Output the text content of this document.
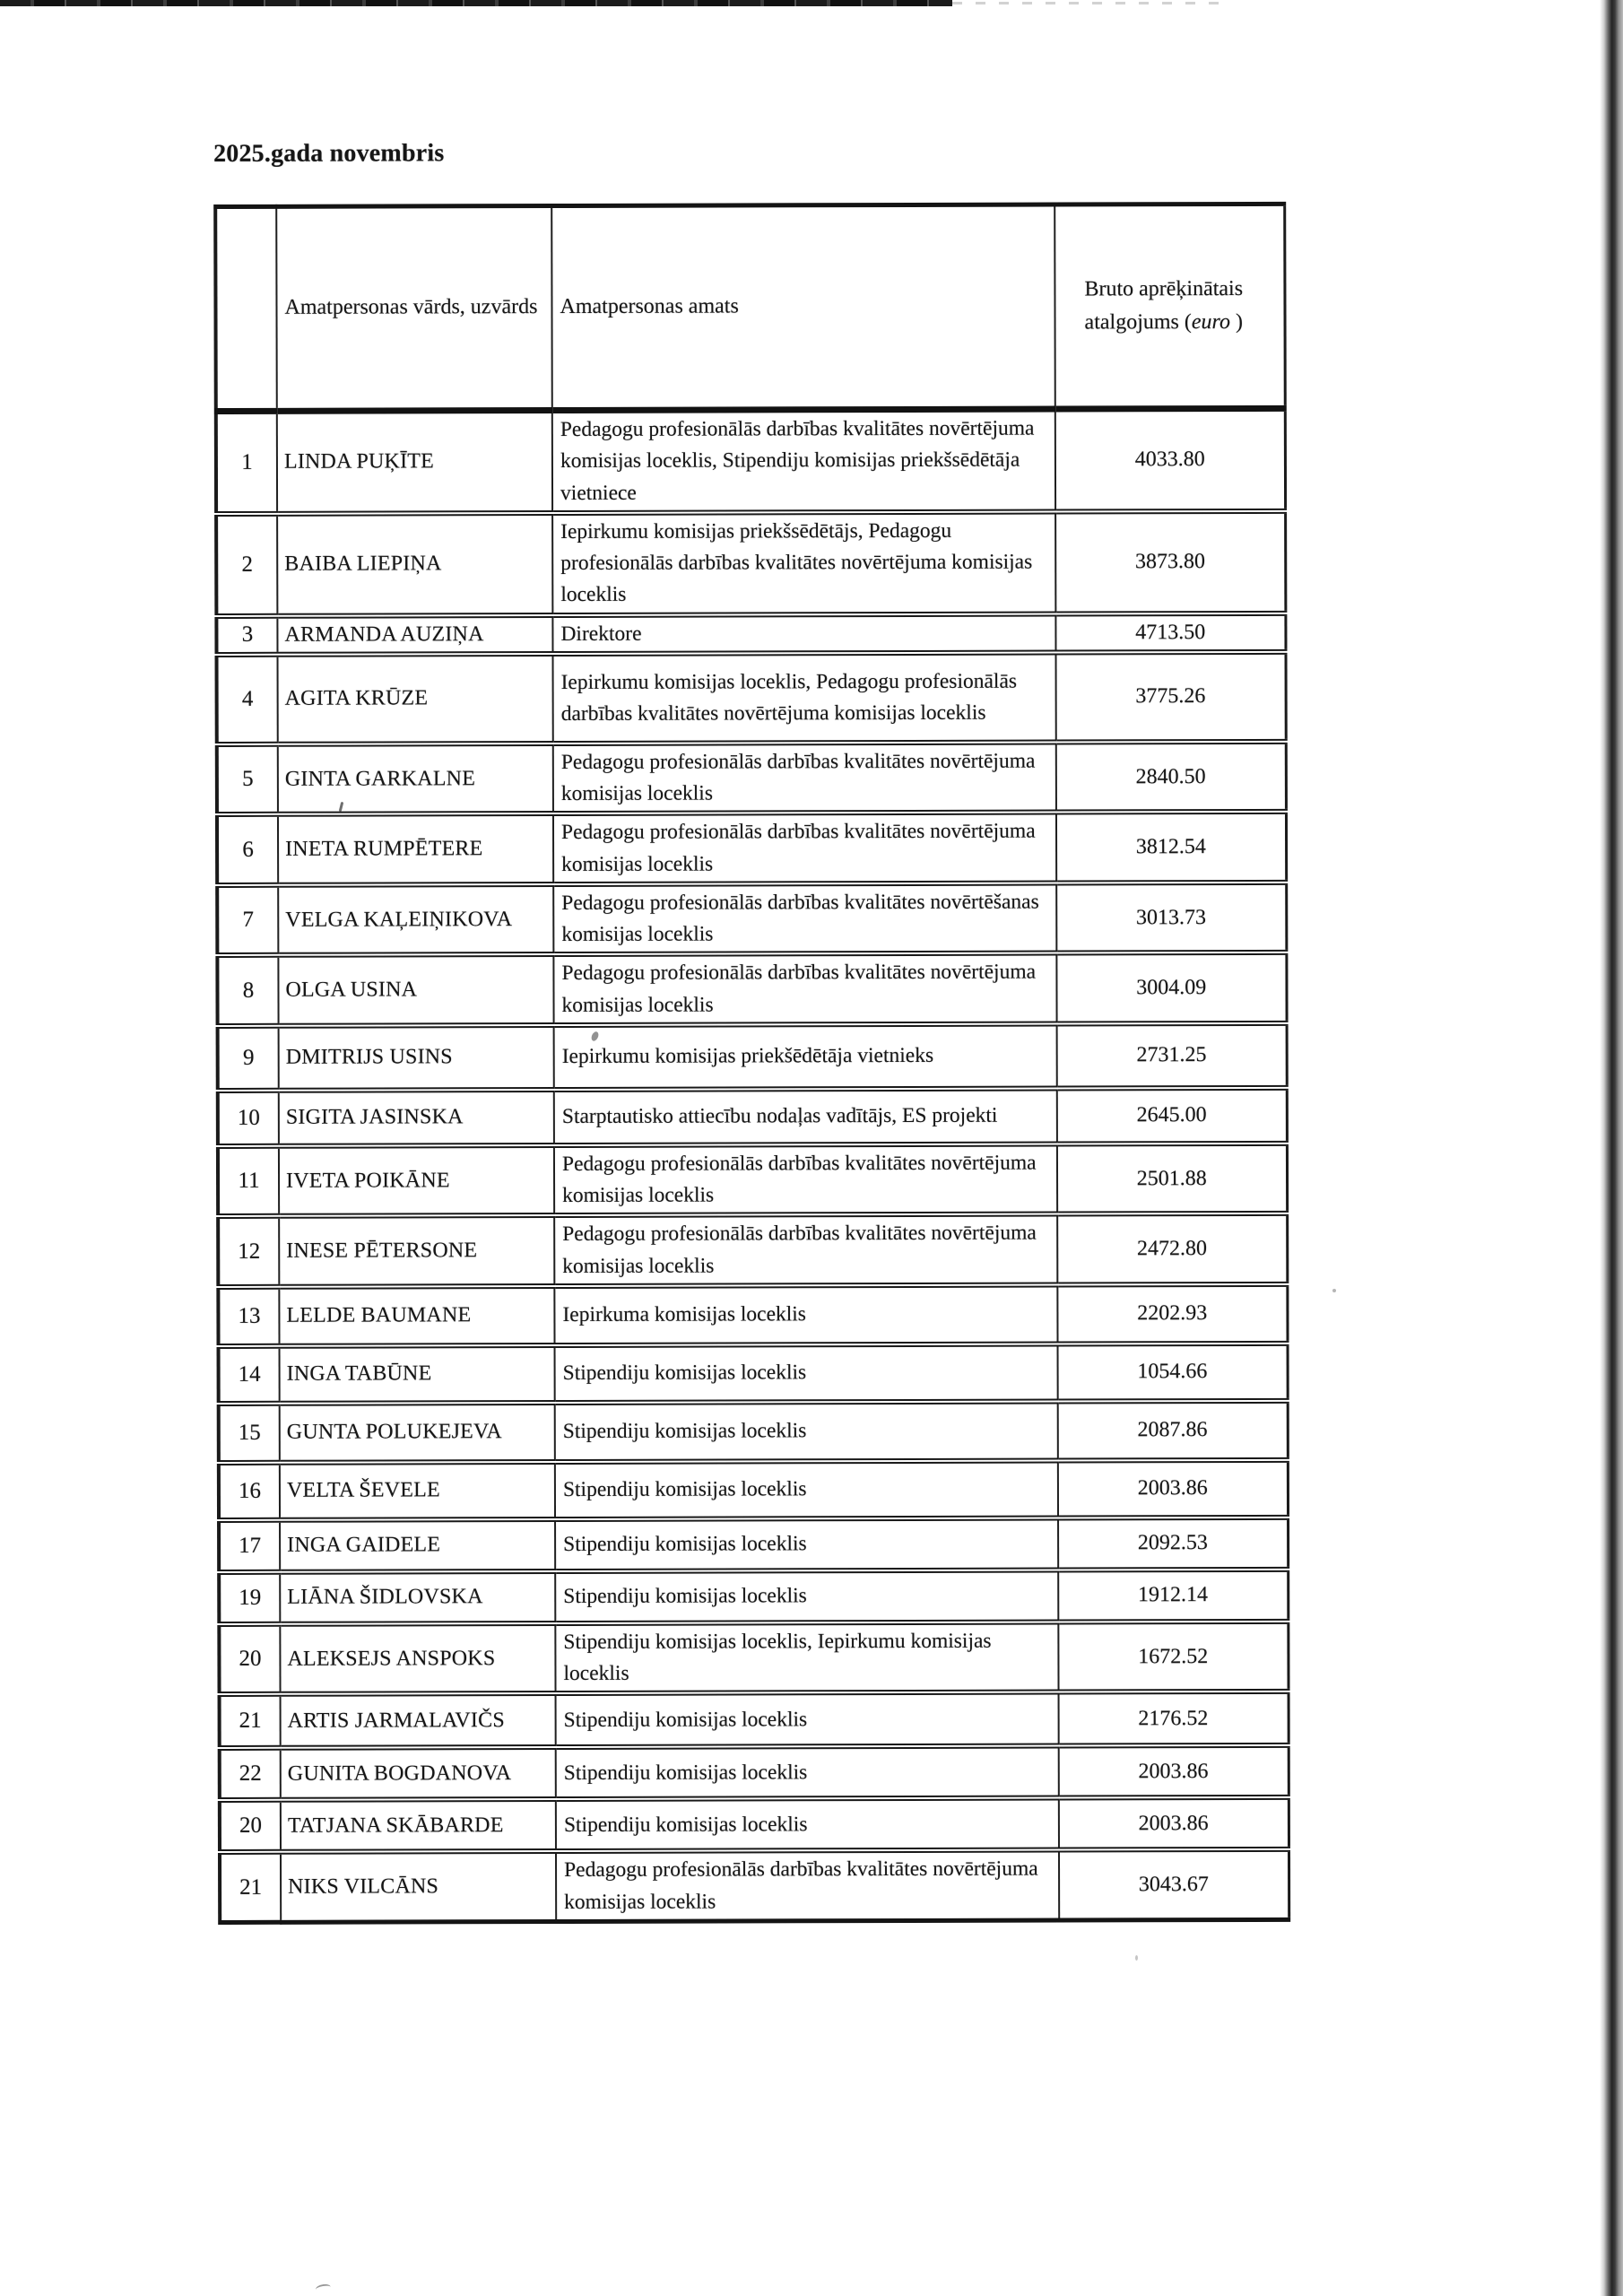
2025.gada novembris
	Amatpersonas vārds, uzvārds	Amatpersonas amats	Bruto aprēķinātais atalgojums (euro )
1	LINDA PUĶĪTE	Pedagogu profesionālās darbības kvalitātes novērtējuma komisijas loceklis, Stipendiju komisijas priekšsēdētāja vietniece	4033.80
2	BAIBA LIEPIŅA	Iepirkumu komisijas priekšsēdētājs, Pedagogu profesionālās darbības kvalitātes novērtējuma komisijas loceklis	3873.80
3	ARMANDA AUZIŅA	Direktore	4713.50
4	AGITA KRŪZE	Iepirkumu komisijas loceklis, Pedagogu profesionālās darbības kvalitātes novērtējuma komisijas loceklis	3775.26
5	GINTA GARKALNE	Pedagogu profesionālās darbības kvalitātes novērtējuma komisijas loceklis	2840.50
6	INETA RUMPĒTERE	Pedagogu profesionālās darbības kvalitātes novērtējuma komisijas loceklis	3812.54
7	VELGA KAĻEIŅIKOVA	Pedagogu profesionālās darbības kvalitātes novērtēšanas komisijas loceklis	3013.73
8	OLGA USINA	Pedagogu profesionālās darbības kvalitātes novērtējuma komisijas loceklis	3004.09
9	DMITRIJS USINS	Iepirkumu komisijas priekšēdētāja vietnieks	2731.25
10	SIGITA JASINSKA	Starptautisko attiecību nodaļas vadītājs, ES projekti	2645.00
11	IVETA POIKĀNE	Pedagogu profesionālās darbības kvalitātes novērtējuma komisijas loceklis	2501.88
12	INESE PĒTERSONE	Pedagogu profesionālās darbības kvalitātes novērtējuma komisijas loceklis	2472.80
13	LELDE BAUMANE	Iepirkuma komisijas loceklis	2202.93
14	INGA TABŪNE	Stipendiju komisijas loceklis	1054.66
15	GUNTA POLUKEJEVA	Stipendiju komisijas loceklis	2087.86
16	VELTA ŠEVELE	Stipendiju komisijas loceklis	2003.86
17	INGA GAIDELE	Stipendiju komisijas loceklis	2092.53
19	LIĀNA ŠIDLOVSKA	Stipendiju komisijas loceklis	1912.14
20	ALEKSEJS ANSPOKS	Stipendiju komisijas loceklis, Iepirkumu komisijas loceklis	1672.52
21	ARTIS JARMALAVIČS	Stipendiju komisijas loceklis	2176.52
22	GUNITA BOGDANOVA	Stipendiju komisijas loceklis	2003.86
20	TATJANA SKĀBARDE	Stipendiju komisijas loceklis	2003.86
21	NIKS VILCĀNS	Pedagogu profesionālās darbības kvalitātes novērtējuma komisijas loceklis	3043.67
